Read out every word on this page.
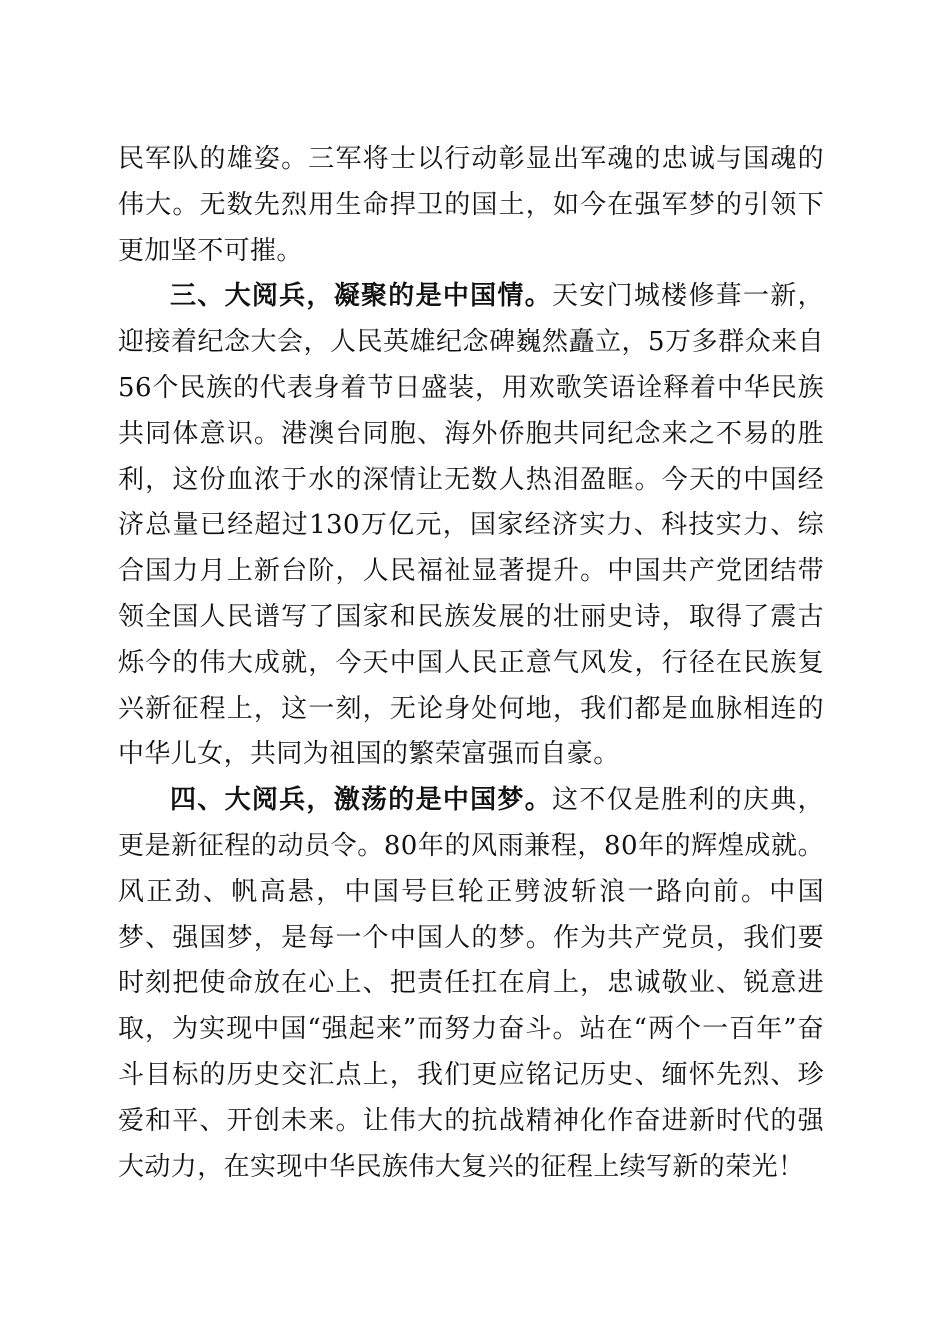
民军队的雄姿。三军将士以行动彰显出军魂的忠诚与国魂的伟大。无数先烈用生命捍卫的国土，如今在强军梦的引领下更加坚不可摧。

三、大阅兵，凝聚的是中国情。天安门城楼修葺一新，迎接着纪念大会，人民英雄纪念碑巍然矗立，5万多群众来自56个民族的代表身着节日盛装，用欢歌笑语诠释着中华民族共同体意识。港澳台同胞、海外侨胞共同纪念来之不易的胜利，这份血浓于水的深情让无数人热泪盈眶。今天的中国经济总量已经超过130万亿元，国家经济实力、科技实力、综合国力月上新台阶，人民福祉显著提升。中国共产党团结带领全国人民谱写了国家和民族发展的壮丽史诗，取得了震古烁今的伟大成就，今天中国人民正意气风发，行径在民族复兴新征程上，这一刻，无论身处何地，我们都是血脉相连的中华儿女，共同为祖国的繁荣富强而自豪。

四、大阅兵，激荡的是中国梦。这不仅是胜利的庆典，更是新征程的动员令。80年的风雨兼程，80年的辉煌成就。风正劲、帆高悬，中国号巨轮正劈波斩浪一路向前。中国梦、强国梦，是每一个中国人的梦。作为共产党员，我们要时刻把使命放在心上、把责任扛在肩上，忠诚敬业、锐意进取，为实现中国“强起来”而努力奋斗。站在“两个一百年”奋斗目标的历史交汇点上，我们更应铭记历史、缅怀先烈、珍爱和平、开创未来。让伟大的抗战精神化作奋进新时代的强大动力，在实现中华民族伟大复兴的征程上续写新的荣光！
